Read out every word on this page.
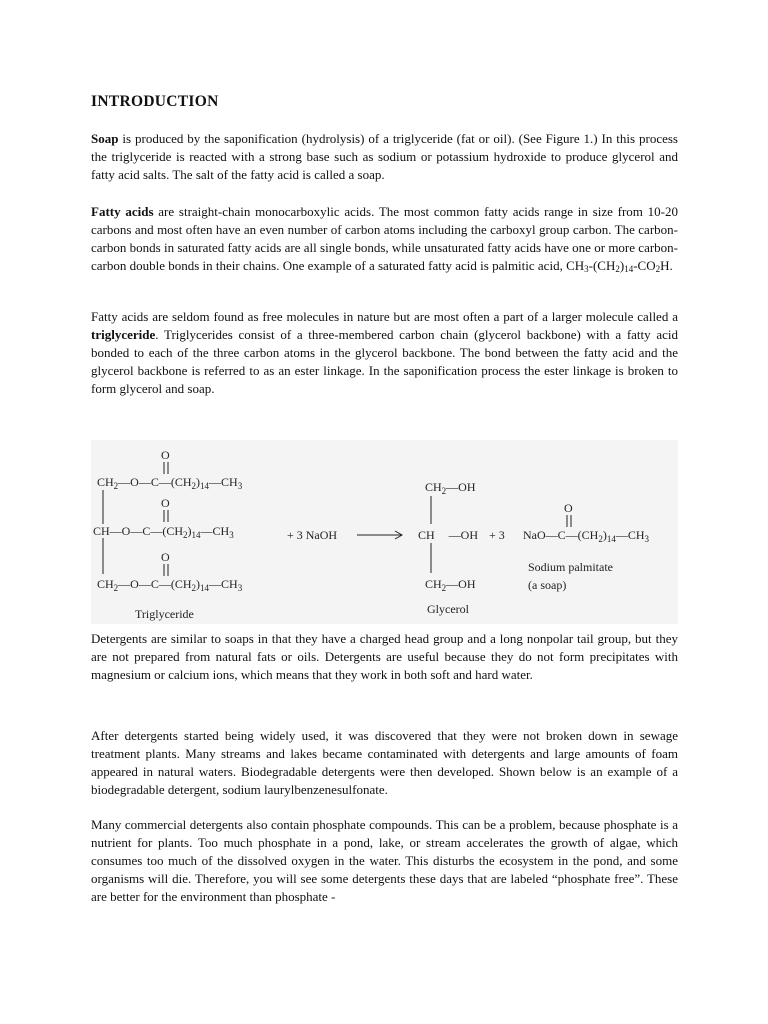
INTRODUCTION

Soap is produced by the saponification (hydrolysis) of a triglyceride (fat or oil). (See Figure 1.) In this process the triglyceride is reacted with a strong base such as sodium or potassium hydroxide to produce glycerol and fatty acid salts. The salt of the fatty acid is called a soap.

Fatty acids are straight-chain monocarboxylic acids. The most common fatty acids range in size from 10-20 carbons and most often have an even number of carbon atoms including the carboxyl group carbon. The carbon-carbon bonds in saturated fatty acids are all single bonds, while unsaturated fatty acids have one or more carbon-carbon double bonds in their chains. One example of a saturated fatty acid is palmitic acid, CH3-(CH2)14-CO2H.

Fatty acids are seldom found as free molecules in nature but are most often a part of a larger molecule called a triglyceride. Triglycerides consist of a three-membered carbon chain (glycerol backbone) with a fatty acid bonded to each of the three carbon atoms in the glycerol backbone. The bond between the fatty acid and the glycerol backbone is referred to as an ester linkage. In the saponification process the ester linkage is broken to form glycerol and soap.

O
$CH_2—O—C—(CH_2)_{14}—CH_3$
O
$CH—O—C—(CH_2)_{14}—CH_3$
O
$CH_2—O—C—(CH_2)_{14}—CH_3$
Triglyceride
+ 3 NaOH
$CH_2—OH$
CH —OH
$CH_2—OH$
Glycerol
+ 3
O
$NaO—C—(CH_2)_{14}—CH_3$
Sodium palmitate
(a soap)

Detergents are similar to soaps in that they have a charged head group and a long nonpolar tail group, but they are not prepared from natural fats or oils. Detergents are useful because they do not form precipitates with magnesium or calcium ions, which means that they work in both soft and hard water.

After detergents started being widely used, it was discovered that they were not broken down in sewage treatment plants. Many streams and lakes became contaminated with detergents and large amounts of foam appeared in natural waters. Biodegradable detergents were then developed. Shown below is an example of a biodegradable detergent, sodium laurylbenzenesulfonate.

Many commercial detergents also contain phosphate compounds. This can be a problem, because phosphate is a nutrient for plants. Too much phosphate in a pond, lake, or stream accelerates the growth of algae, which consumes too much of the dissolved oxygen in the water. This disturbs the ecosystem in the pond, and some organisms will die. Therefore, you will see some detergents these days that are labeled “phosphate free”. These are better for the environment than phosphate -
